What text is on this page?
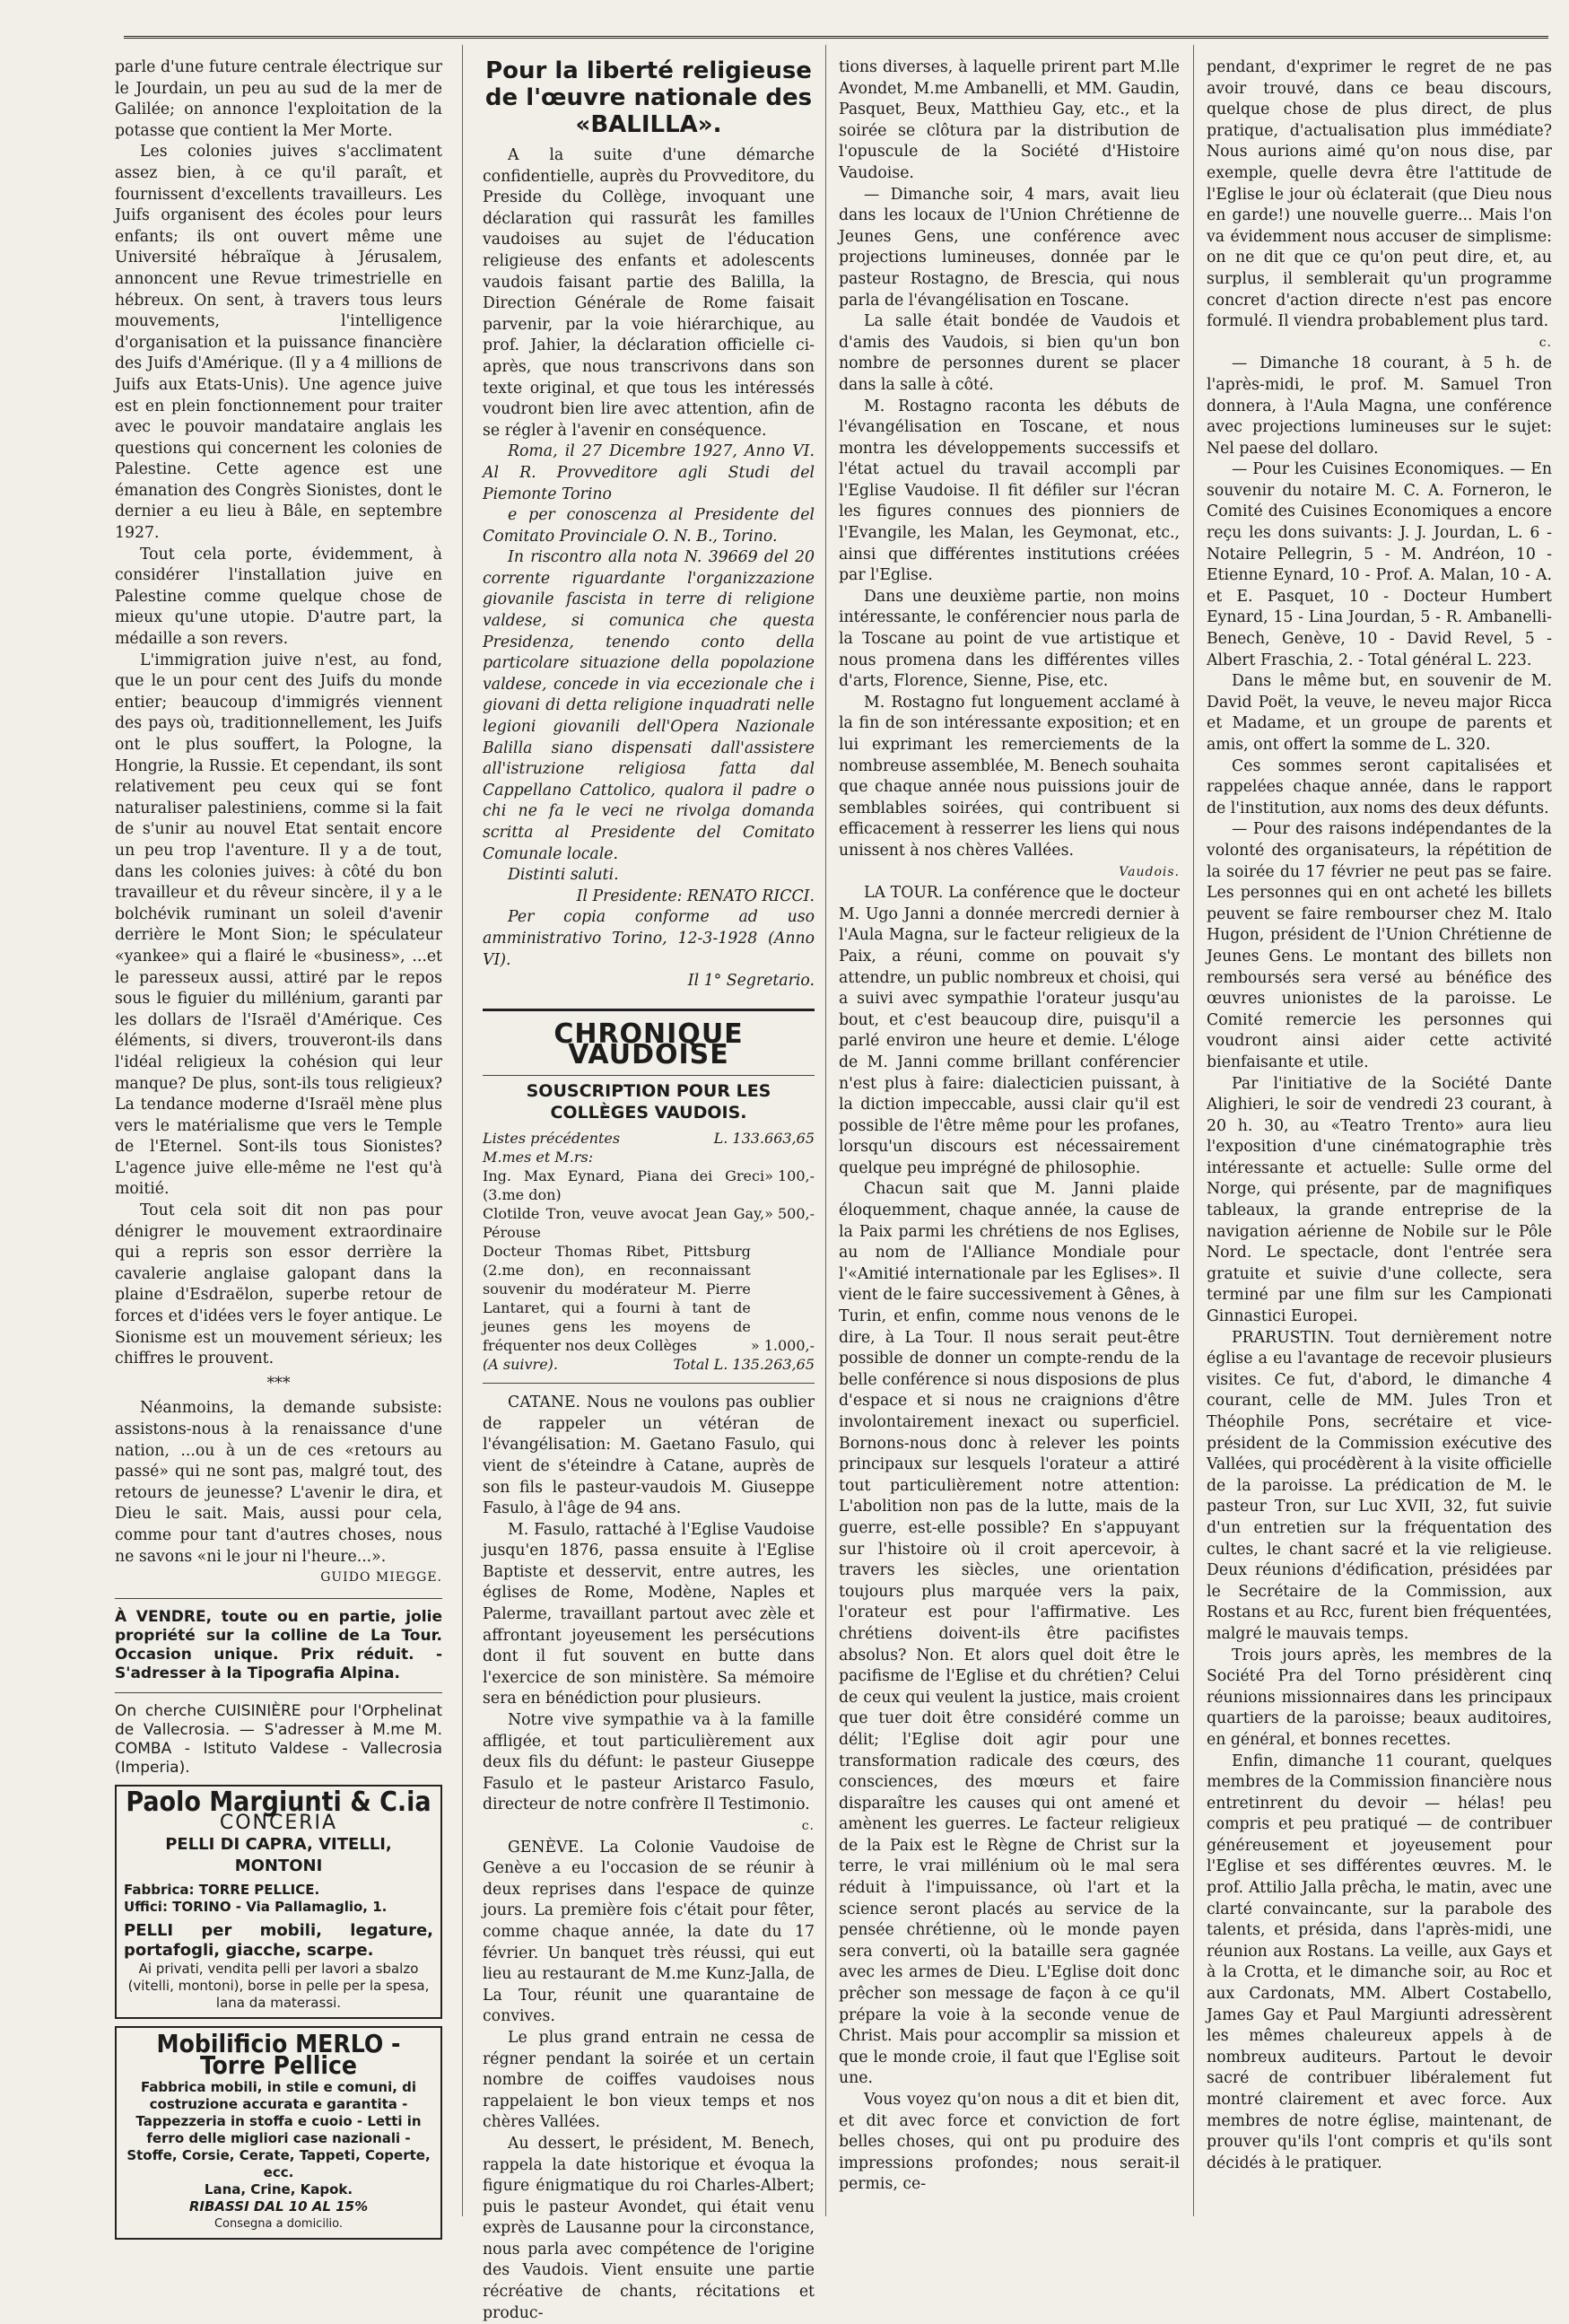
parle d'une future centrale électrique sur le Jourdain, un peu au sud de la mer de Galilée; on annonce l'exploitation de la potasse que contient la Mer Morte.

Les colonies juives s'acclimatent assez bien, à ce qu'il paraît, et fournissent d'excellents travailleurs. Les Juifs organisent des écoles pour leurs enfants; ils ont ouvert même une Université hébraïque à Jérusalem, annoncent une Revue trimestrielle en hébreux. On sent, à travers tous leurs mouvements, l'intelligence d'organisation et la puissance financière des Juifs d'Amérique. (Il y a 4 millions de Juifs aux Etats-Unis). Une agence juive est en plein fonctionnement pour traiter avec le pouvoir mandataire anglais les questions qui concernent les colonies de Palestine. Cette agence est une émanation des Congrès Sionistes, dont le dernier a eu lieu à Bâle, en septembre 1927.

Tout cela porte, évidemment, à considérer l'installation juive en Palestine comme quelque chose de mieux qu'une utopie. D'autre part, la médaille a son revers.

L'immigration juive n'est, au fond, que le un pour cent des Juifs du monde entier; beaucoup d'immigrés viennent des pays où, traditionnellement, les Juifs ont le plus souffert, la Pologne, la Hongrie, la Russie. Et cependant, ils sont relativement peu ceux qui se font naturaliser palestiniens, comme si la fait de s'unir au nouvel Etat sentait encore un peu trop l'aventure. Il y a de tout, dans les colonies juives: à côté du bon travailleur et du rêveur sincère, il y a le bolchévik ruminant un soleil d'avenir derrière le Mont Sion; le spéculateur «yankee» qui a flairé le «business», ...et le paresseux aussi, attiré par le repos sous le figuier du millénium, garanti par les dollars de l'Israël d'Amérique. Ces éléments, si divers, trouveront-ils dans l'idéal religieux la cohésion qui leur manque? De plus, sont-ils tous religieux? La tendance moderne d'Israël mène plus vers le matérialisme que vers le Temple de l'Eternel. Sont-ils tous Sionistes? L'agence juive elle-même ne l'est qu'à moitié.

Tout cela soit dit non pas pour dénigrer le mouvement extraordinaire qui a repris son essor derrière la cavalerie anglaise galopant dans la plaine d'Esdraëlon, superbe retour de forces et d'idées vers le foyer antique. Le Sionisme est un mouvement sérieux; les chiffres le prouvent.

***

Néanmoins, la demande subsiste: assistons-nous à la renaissance d'une nation, ...ou à un de ces «retours au passé» qui ne sont pas, malgré tout, des retours de jeunesse? L'avenir le dira, et Dieu le sait. Mais, aussi pour cela, comme pour tant d'autres choses, nous ne savons «ni le jour ni l'heure...».

GUIDO MIEGGE.
À VENDRE, toute ou en partie, jolie propriété sur la colline de La Tour. Occasion unique. Prix réduit. - S'adresser à la Tipografia Alpina.
On cherche CUISINIÈRE pour l'Orphelinat de Vallecrosia. — S'adresser à M.me M. COMBA - Istituto Valdese - Vallecrosia (Imperia).
Paolo Margiunti & C.ia
CONCERIA
PELLI DI CAPRA, VITELLI, MONTONI
Fabbrica: TORRE PELLICE.
Uffici: TORINO - Via Pallamaglio, 1.
PELLI per mobili, legature, portafogli, giacche, scarpe.
Ai privati, vendita pelli per lavori a sbalzo (vitelli, montoni), borse in pelle per la spesa, lana da materassi.
Mobilificio MERLO - Torre Pellice
Fabbrica mobili, in stile e comuni, di costruzione accurata e garantita - Tappezzeria in stoffa e cuoio - Letti in ferro delle migliori case nazionali - Stoffe, Corsie, Cerate, Tappeti, Coperte, ecc.
Lana, Crine, Kapok.
RIBASSI DAL 10 AL 15%
Consegna a domicilio.
Pour la liberté religieuse de l'œuvre nationale des «BALILLA».

A la suite d'une démarche confidentielle, auprès du Provveditore, du Preside du Collège, invoquant une déclaration qui rassurât les familles vaudoises au sujet de l'éducation religieuse des enfants et adolescents vaudois faisant partie des Balilla, la Direction Générale de Rome faisait parvenir, par la voie hiérarchique, au prof. Jahier, la déclaration officielle ci-après, que nous transcrivons dans son texte original, et que tous les intéressés voudront bien lire avec attention, afin de se régler à l'avenir en conséquence.

Roma, il 27 Dicembre 1927, Anno VI. Al R. Provveditore agli Studi del Piemonte Torino

e per conoscenza al Presidente del Comitato Provinciale O. N. B., Torino.

In riscontro alla nota N. 39669 del 20 corrente riguardante l'organizzazione giovanile fascista in terre di religione valdese, si comunica che questa Presidenza, tenendo conto della particolare situazione della popolazione valdese, concede in via eccezionale che i giovani di detta religione inquadrati nelle legioni giovanili dell'Opera Nazionale Balilla siano dispensati dall'assistere all'istruzione religiosa fatta dal Cappellano Cattolico, qualora il padre o chi ne fa le veci ne rivolga domanda scritta al Presidente del Comitato Comunale locale.

Distinti saluti.

Il Presidente: RENATO RICCI.

Per copia conforme ad uso amministrativo Torino, 12-3-1928 (Anno VI).

Il 1° Segretario.

CHRONIQUE VAUDOISE
SOUSCRIPTION POUR LES COLLÈGES VAUDOIS.
Listes précédentes	L. 133.663,65
M.mes et M.rs:
Ing. Max Eynard, Piana dei Greci (3.me don)
» 100,-
Clotilde Tron, veuve avocat Jean Gay, Pérouse
» 500,-
Docteur Thomas Ribet, Pittsburg (2.me don), en reconnaissant souvenir du modérateur M. Pierre Lantaret, qui a fourni à tant de jeunes gens les moyens de fréquenter nos deux Collèges	» 1.000,-
(A suivre).	Total L. 135.263,65

CATANE. Nous ne voulons pas oublier de rappeler un vétéran de l'évangélisation: M. Gaetano Fasulo, qui vient de s'éteindre à Catane, auprès de son fils le pasteur-vaudois M. Giuseppe Fasulo, à l'âge de 94 ans.

M. Fasulo, rattaché à l'Eglise Vaudoise jusqu'en 1876, passa ensuite à l'Eglise Baptiste et desservit, entre autres, les églises de Rome, Modène, Naples et Palerme, travaillant partout avec zèle et affrontant joyeusement les persécutions dont il fut souvent en butte dans l'exercice de son ministère. Sa mémoire sera en bénédiction pour plusieurs.

Notre vive sympathie va à la famille affligée, et tout particulièrement aux deux fils du défunt: le pasteur Giuseppe Fasulo et le pasteur Aristarco Fasulo, directeur de notre confrère Il Testimonio.

c.

GENÈVE. La Colonie Vaudoise de Genève a eu l'occasion de se réunir à deux reprises dans l'espace de quinze jours. La première fois c'était pour fêter, comme chaque année, la date du 17 février. Un banquet très réussi, qui eut lieu au restaurant de M.me Kunz-Jalla, de La Tour, réunit une quarantaine de convives.

Le plus grand entrain ne cessa de régner pendant la soirée et un certain nombre de coiffes vaudoises nous rappelaient le bon vieux temps et nos chères Vallées.

Au dessert, le président, M. Benech, rappela la date historique et évoqua la figure énigmatique du roi Charles-Albert; puis le pasteur Avondet, qui était venu exprès de Lausanne pour la circonstance, nous parla avec compétence de l'origine des Vaudois. Vient ensuite une partie récréative de chants, récitations et produc-

tions diverses, à laquelle prirent part M.lle Avondet, M.me Ambanelli, et MM. Gaudin, Pasquet, Beux, Matthieu Gay, etc., et la soirée se clôtura par la distribution de l'opuscule de la Société d'Histoire Vaudoise.

— Dimanche soir, 4 mars, avait lieu dans les locaux de l'Union Chrétienne de Jeunes Gens, une conférence avec projections lumineuses, donnée par le pasteur Rostagno, de Brescia, qui nous parla de l'évangélisation en Toscane.

La salle était bondée de Vaudois et d'amis des Vaudois, si bien qu'un bon nombre de personnes durent se placer dans la salle à côté.

M. Rostagno raconta les débuts de l'évangélisation en Toscane, et nous montra les développements successifs et l'état actuel du travail accompli par l'Eglise Vaudoise. Il fit défiler sur l'écran les figures connues des pionniers de l'Evangile, les Malan, les Geymonat, etc., ainsi que différentes institutions créées par l'Eglise.

Dans une deuxième partie, non moins intéressante, le conférencier nous parla de la Toscane au point de vue artistique et nous promena dans les différentes villes d'arts, Florence, Sienne, Pise, etc.

M. Rostagno fut longuement acclamé à la fin de son intéressante exposition; et en lui exprimant les remerciements de la nombreuse assemblée, M. Benech souhaita que chaque année nous puissions jouir de semblables soirées, qui contribuent si efficacement à resserrer les liens qui nous unissent à nos chères Vallées.

Vaudois.

LA TOUR. La conférence que le docteur M. Ugo Janni a donnée mercredi dernier à l'Aula Magna, sur le facteur religieux de la Paix, a réuni, comme on pouvait s'y attendre, un public nombreux et choisi, qui a suivi avec sympathie l'orateur jusqu'au bout, et c'est beaucoup dire, puisqu'il a parlé environ une heure et demie. L'éloge de M. Janni comme brillant conférencier n'est plus à faire: dialecticien puissant, à la diction impeccable, aussi clair qu'il est possible de l'être même pour les profanes, lorsqu'un discours est nécessairement quelque peu imprégné de philosophie.

Chacun sait que M. Janni plaide éloquemment, chaque année, la cause de la Paix parmi les chrétiens de nos Eglises, au nom de l'Alliance Mondiale pour l'«Amitié internationale par les Eglises». Il vient de le faire successivement à Gênes, à Turin, et enfin, comme nous venons de le dire, à La Tour. Il nous serait peut-être possible de donner un compte-rendu de la belle conférence si nous disposions de plus d'espace et si nous ne craignions d'être involontairement inexact ou superficiel. Bornons-nous donc à relever les points principaux sur lesquels l'orateur a attiré tout particulièrement notre attention: L'abolition non pas de la lutte, mais de la guerre, est-elle possible? En s'appuyant sur l'histoire où il croit apercevoir, à travers les siècles, une orientation toujours plus marquée vers la paix, l'orateur est pour l'affirmative. Les chrétiens doivent-ils être pacifistes absolus? Non. Et alors quel doit être le pacifisme de l'Eglise et du chrétien? Celui de ceux qui veulent la justice, mais croient que tuer doit être considéré comme un délit; l'Eglise doit agir pour une transformation radicale des cœurs, des consciences, des mœurs et faire disparaître les causes qui ont amené et amènent les guerres. Le facteur religieux de la Paix est le Règne de Christ sur la terre, le vrai millénium où le mal sera réduit à l'impuissance, où l'art et la science seront placés au service de la pensée chrétienne, où le monde payen sera converti, où la bataille sera gagnée avec les armes de Dieu. L'Eglise doit donc prêcher son message de façon à ce qu'il prépare la voie à la seconde venue de Christ. Mais pour accomplir sa mission et que le monde croie, il faut que l'Eglise soit une.

Vous voyez qu'on nous a dit et bien dit, et dit avec force et conviction de fort belles choses, qui ont pu produire des impressions profondes; nous serait-il permis, ce-

pendant, d'exprimer le regret de ne pas avoir trouvé, dans ce beau discours, quelque chose de plus direct, de plus pratique, d'actualisation plus immédiate? Nous aurions aimé qu'on nous dise, par exemple, quelle devra être l'attitude de l'Eglise le jour où éclaterait (que Dieu nous en garde!) une nouvelle guerre... Mais l'on va évidemment nous accuser de simplisme: on ne dit que ce qu'on peut dire, et, au surplus, il semblerait qu'un programme concret d'action directe n'est pas encore formulé. Il viendra probablement plus tard.

c.

— Dimanche 18 courant, à 5 h. de l'après-midi, le prof. M. Samuel Tron donnera, à l'Aula Magna, une conférence avec projections lumineuses sur le sujet: Nel paese del dollaro.

— Pour les Cuisines Economiques. — En souvenir du notaire M. C. A. Forneron, le Comité des Cuisines Economiques a encore reçu les dons suivants: J. J. Jourdan, L. 6 - Notaire Pellegrin, 5 - M. Andréon, 10 - Etienne Eynard, 10 - Prof. A. Malan, 10 - A. et E. Pasquet, 10 - Docteur Humbert Eynard, 15 - Lina Jourdan, 5 - R. Ambanelli-Benech, Genève, 10 - David Revel, 5 - Albert Fraschia, 2. - Total général L. 223.

Dans le même but, en souvenir de M. David Poët, la veuve, le neveu major Ricca et Madame, et un groupe de parents et amis, ont offert la somme de L. 320.

Ces sommes seront capitalisées et rappelées chaque année, dans le rapport de l'institution, aux noms des deux défunts.

— Pour des raisons indépendantes de la volonté des organisateurs, la répétition de la soirée du 17 février ne peut pas se faire. Les personnes qui en ont acheté les billets peuvent se faire rembourser chez M. Italo Hugon, président de l'Union Chrétienne de Jeunes Gens. Le montant des billets non remboursés sera versé au bénéfice des œuvres unionistes de la paroisse. Le Comité remercie les personnes qui voudront ainsi aider cette activité bienfaisante et utile.

Par l'initiative de la Société Dante Alighieri, le soir de vendredi 23 courant, à 20 h. 30, au «Teatro Trento» aura lieu l'exposition d'une cinématographie très intéressante et actuelle: Sulle orme del Norge, qui présente, par de magnifiques tableaux, la grande entreprise de la navigation aérienne de Nobile sur le Pôle Nord. Le spectacle, dont l'entrée sera gratuite et suivie d'une collecte, sera terminé par une film sur les Campionati Ginnastici Europei.

PRARUSTIN. Tout dernièrement notre église a eu l'avantage de recevoir plusieurs visites. Ce fut, d'abord, le dimanche 4 courant, celle de MM. Jules Tron et Théophile Pons, secrétaire et vice-président de la Commission exécutive des Vallées, qui procédèrent à la visite officielle de la paroisse. La prédication de M. le pasteur Tron, sur Luc XVII, 32, fut suivie d'un entretien sur la fréquentation des cultes, le chant sacré et la vie religieuse. Deux réunions d'édification, présidées par le Secrétaire de la Commission, aux Rostans et au Rcc, furent bien fréquentées, malgré le mauvais temps.

Trois jours après, les membres de la Société Pra del Torno présidèrent cinq réunions missionnaires dans les principaux quartiers de la paroisse; beaux auditoires, en général, et bonnes recettes.

Enfin, dimanche 11 courant, quelques membres de la Commission financière nous entretinrent du devoir — hélas! peu compris et peu pratiqué — de contribuer généreusement et joyeusement pour l'Eglise et ses différentes œuvres. M. le prof. Attilio Jalla prêcha, le matin, avec une clarté convaincante, sur la parabole des talents, et présida, dans l'après-midi, une réunion aux Rostans. La veille, aux Gays et à la Crotta, et le dimanche soir, au Roc et aux Cardonats, MM. Albert Costabello, James Gay et Paul Margiunti adressèrent les mêmes chaleureux appels à de nombreux auditeurs. Partout le devoir sacré de contribuer libéralement fut montré clairement et avec force. Aux membres de notre église, maintenant, de prouver qu'ils l'ont compris et qu'ils sont décidés à le pratiquer.
